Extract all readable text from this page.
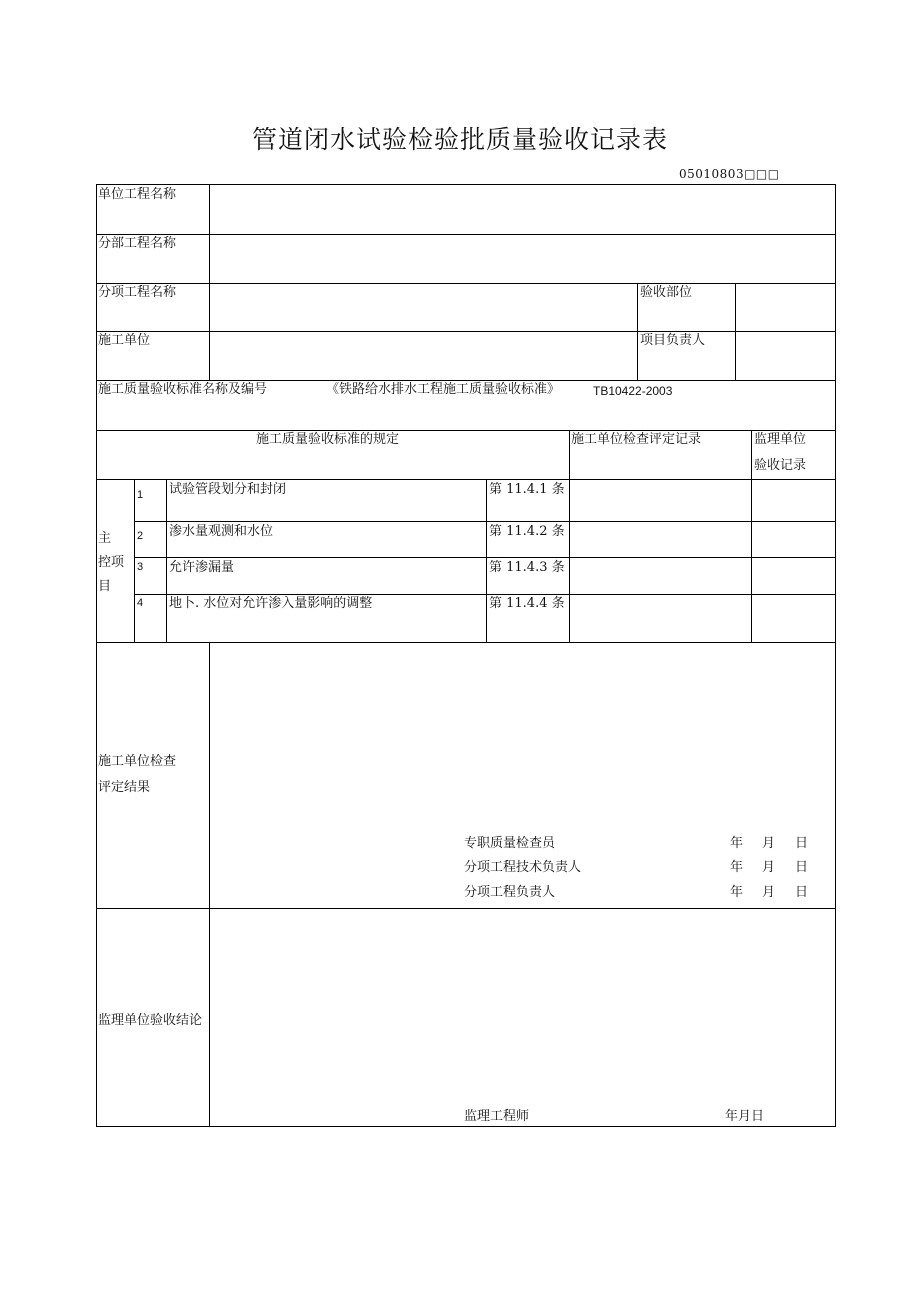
管道闭水试验检验批质量验收记录表
05010803□□□
单位工程名称
分部工程名称
分项工程名称	验收部位
施工单位	项目负责人
施工质量验收标准名称及编号	《铁路给水排水工程施工质量验收标准》	TB10422-2003
施工质量验收标准的规定	施工单位检查评定记录	监理单位
验收记录
主
控项
目
1 试验管段划分和封闭	第 11.4.1 条
2 渗水量观测和水位	第 11.4.2 条
3 允许渗漏量	第 11.4.3 条
4 地卜. 水位对允许渗入量影响的调整	第 11.4.4 条
施工单位检查
评定结果
专职质量检查员	年 月 日
分项工程技术负责人	年 月 日
分项工程负责人	年 月 日
监理单位验收结论
监理工程师	年月日
